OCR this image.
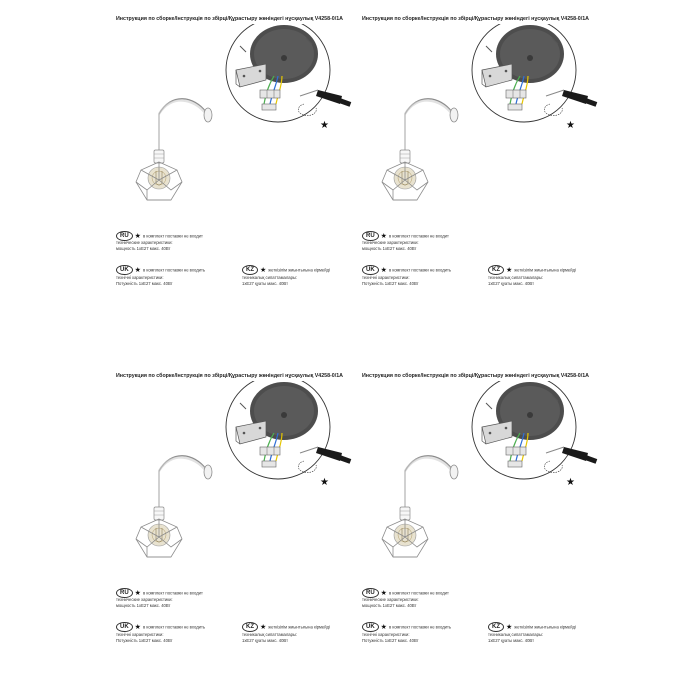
Инструкция по сборке/Інструкція по збірці/Құрастыру жөніндегі нұсқаулық V4258-0/1А
RU ★ в комплект поставки не входит
технические характеристики:
мощность 1хЕ27 макс. 40Вт
UK ★ в комплект поставки не входить
технічні характеристики:
Потужність 1хЕ27 макс. 40Вт
KZ ★ жеткізілім жиынтығына кірмейді
техникалық сипаттамалары:
1хЕ27 қуаты макс. 40Вт
Инструкция по сборке/Інструкція по збірці/Құрастыру жөніндегі нұсқаулық V4258-0/1А
RU ★ в комплект поставки не входит
технические характеристики:
мощность 1хЕ27 макс. 40Вт
UK ★ в комплект поставки не входить
технічні характеристики:
Потужність 1хЕ27 макс. 40Вт
KZ ★ жеткізілім жиынтығына кірмейді
техникалық сипаттамалары:
1хЕ27 қуаты макс. 40Вт
Инструкция по сборке/Інструкція по збірці/Құрастыру жөніндегі нұсқаулық V4258-0/1А
RU ★ в комплект поставки не входит
технические характеристики:
мощность 1хЕ27 макс. 40Вт
UK ★ в комплект поставки не входить
технічні характеристики:
Потужність 1хЕ27 макс. 40Вт
KZ ★ жеткізілім жиынтығына кірмейді
техникалық сипаттамалары:
1хЕ27 қуаты макс. 40Вт
Инструкция по сборке/Інструкція по збірці/Құрастыру жөніндегі нұсқаулық V4258-0/1А
RU ★ в комплект поставки не входит
технические характеристики:
мощность 1хЕ27 макс. 40Вт
UK ★ в комплект поставки не входить
технічні характеристики:
Потужність 1хЕ27 макс. 40Вт
KZ ★ жеткізілім жиынтығына кірмейді
техникалық сипаттамалары:
1хЕ27 қуаты макс. 40Вт
